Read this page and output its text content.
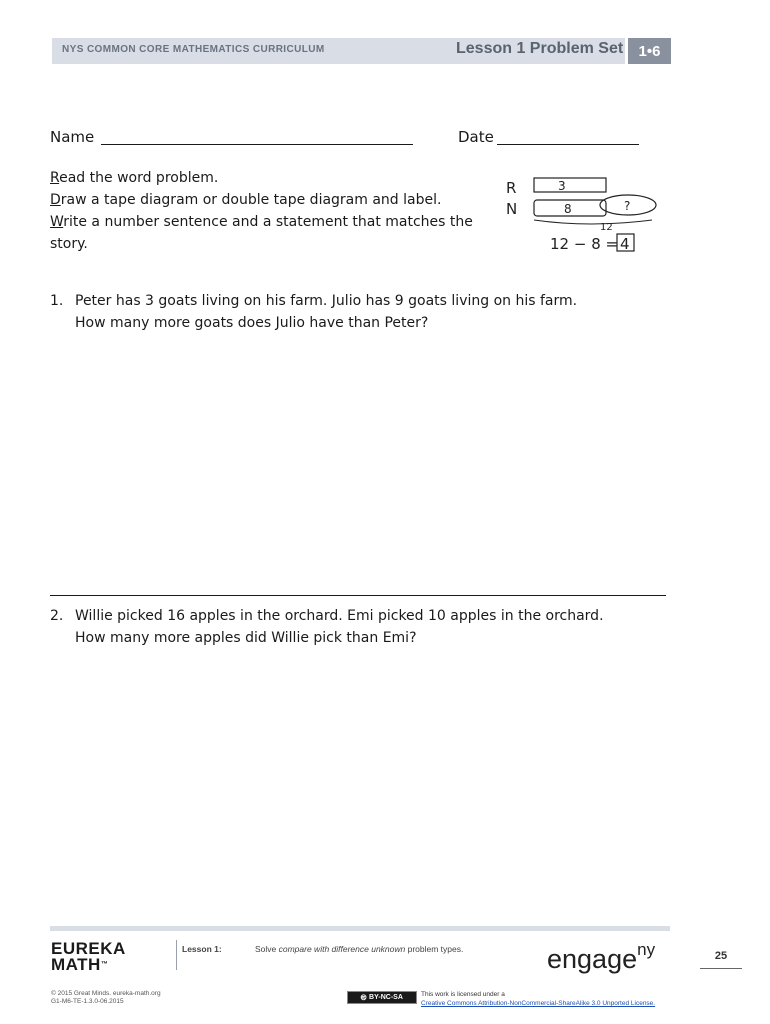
NYS COMMON CORE MATHEMATICS CURRICULUM	Lesson 1 Problem Set	1•6
Name	Date
Read the word problem.
Draw a tape diagram or double tape diagram and label.
Write a number sentence and a statement that matches the
story.
R
N
3
8	?
12
12 − 8 = 4
1. Peter has 3 goats living on his farm. Julio has 9 goats living on his farm.
How many more goats does Julio have than Peter?
2. Willie picked 16 apples in the orchard. Emi picked 10 apples in the orchard.
How many more apples did Willie pick than Emi?
EUREKA
MATH™
Lesson 1:	Solve compare with difference unknown problem types.	engage$^{ny}$	25
© 2015 Great Minds. eureka-math.org
G1-M6-TE-1.3.0-06.2015	🅭 BY-NC-SA	This work is licensed under a
Creative Commons Attribution-NonCommercial-ShareAlike 3.0 Unported License.
